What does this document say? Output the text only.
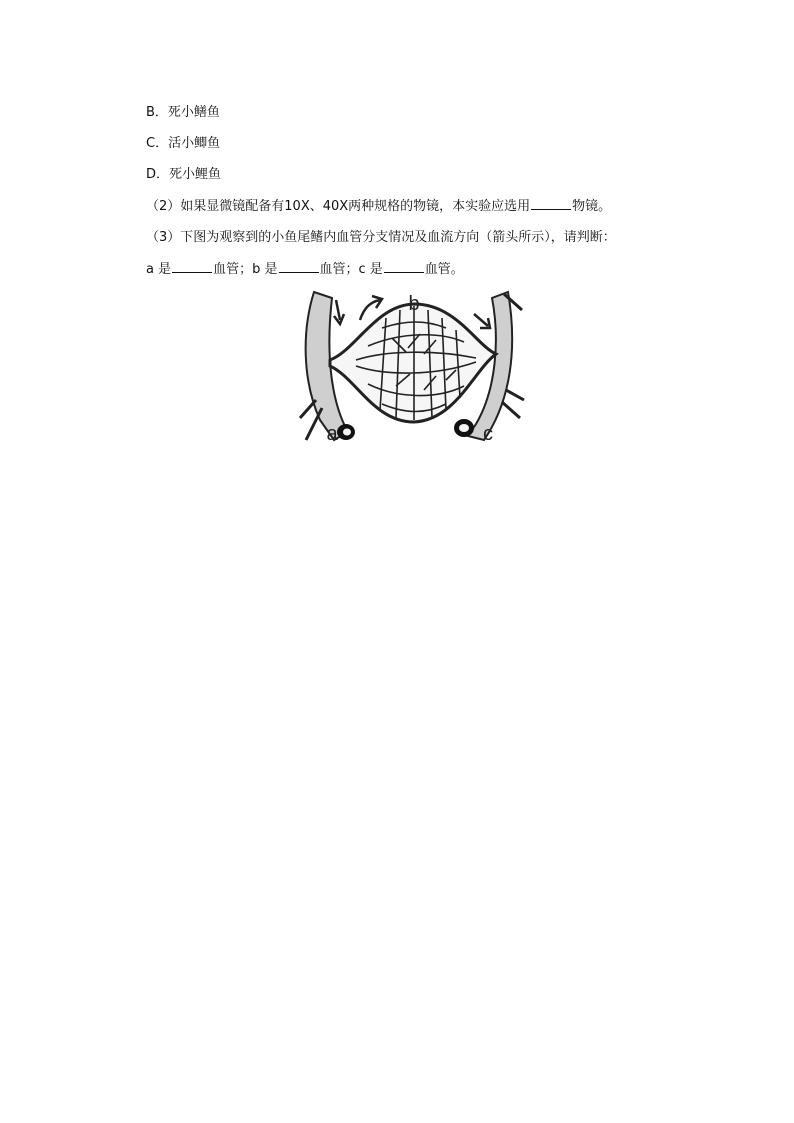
B．死小鳝鱼
C．活小鲫鱼
D．死小鲤鱼
（2）如果显微镜配备有10X、40X两种规格的物镜，本实验应选用	物镜。
（3）下图为观察到的小鱼尾鳍内血管分支情况及血流方向（箭头所示），请判断：
a 是	血管；b 是	血管；c 是	血管。
b
a	c
